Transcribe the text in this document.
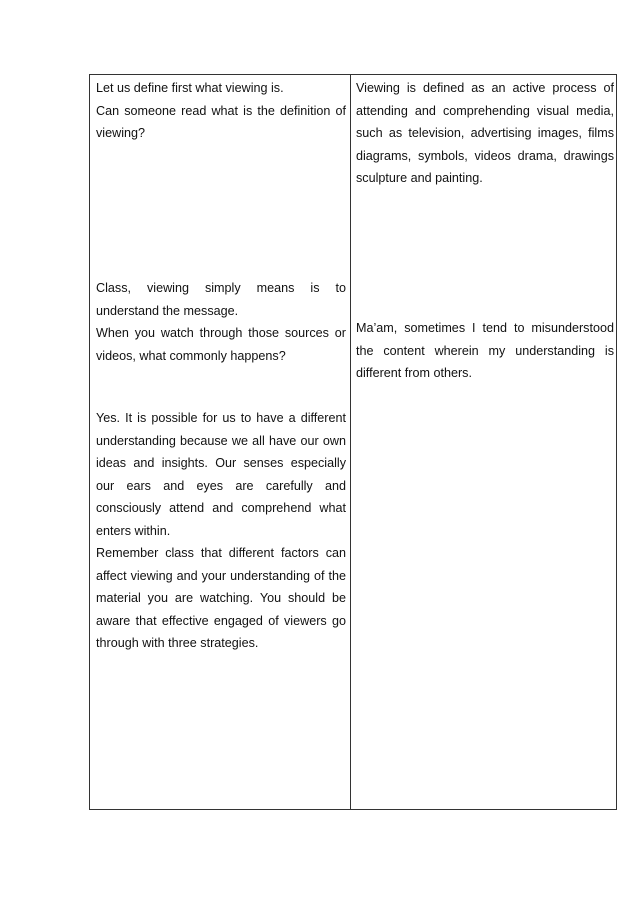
Let us define first what viewing is.

Can someone read what is the definition of viewing?

Class, viewing simply means is to

understand the message.

When you watch through those sources or videos, what commonly happens?

Yes. It is possible for us to have a different understanding because we all have our own ideas and insights. Our senses especially our ears and eyes are carefully and consciously attend and comprehend what enters within.

Remember class that different factors can affect viewing and your understanding of the material you are watching. You should be aware that effective engaged of viewers go through with three strategies.

Viewing is defined as an active process of attending and comprehending visual media, such as television, advertising images, films diagrams, symbols, videos drama, drawings sculpture and painting.

Ma’am, sometimes I tend to misunderstood the content wherein my understanding is different from others.
